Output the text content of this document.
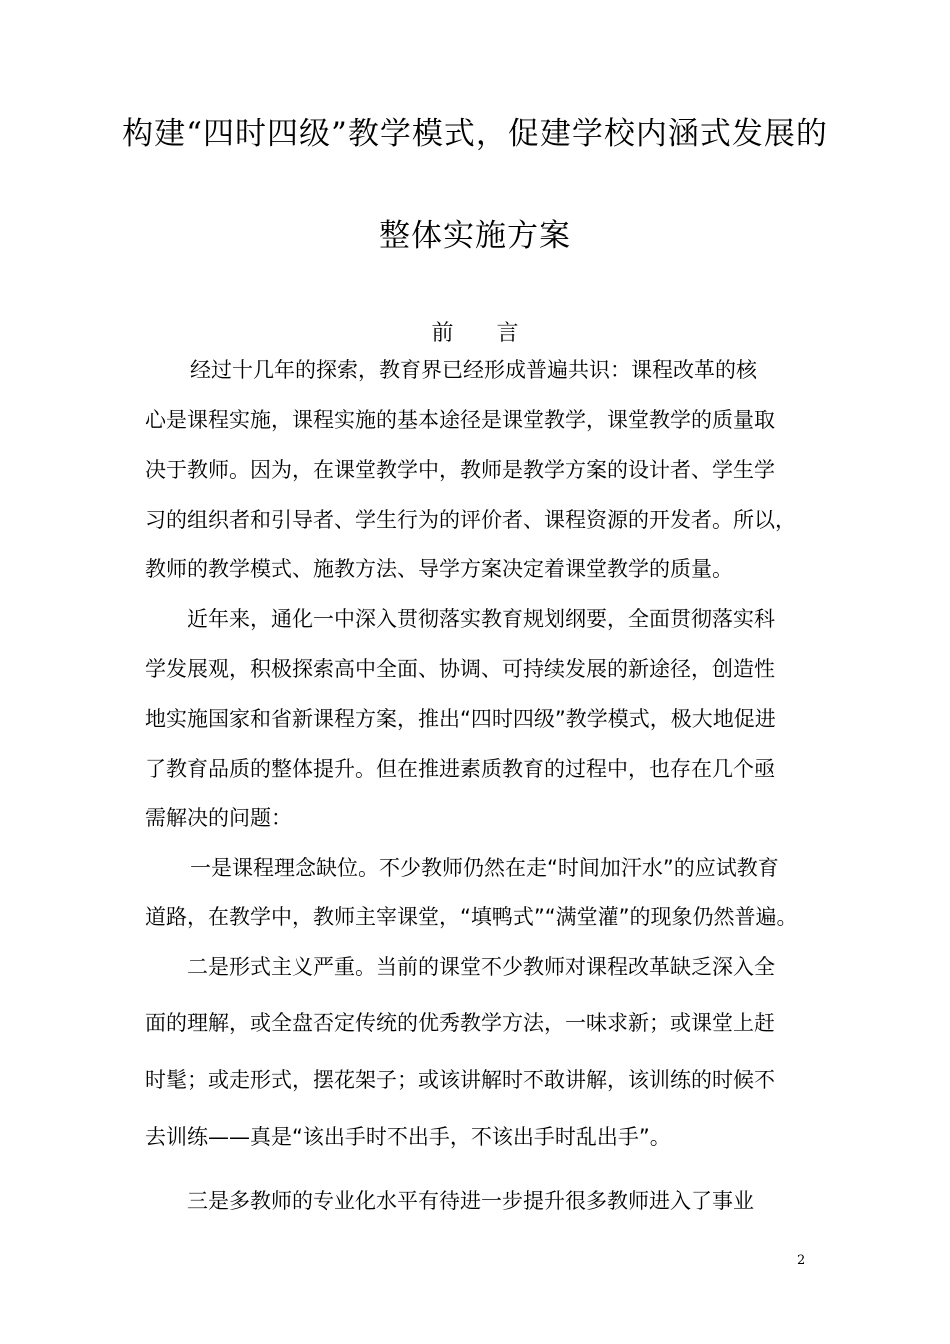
构建“四时四级”教学模式，促建学校内涵式发展的
整体实施方案
前 言
经过十几年的探索，教育界已经形成普遍共识：课程改革的核
心是课程实施，课程实施的基本途径是课堂教学，课堂教学的质量取
决于教师。因为，在课堂教学中，教师是教学方案的设计者、学生学
习的组织者和引导者、学生行为的评价者、课程资源的开发者。所以，
教师的教学模式、施教方法、导学方案决定着课堂教学的质量。
近年来，通化一中深入贯彻落实教育规划纲要，全面贯彻落实科
学发展观，积极探索高中全面、协调、可持续发展的新途径，创造性
地实施国家和省新课程方案，推出“四时四级”教学模式，极大地促进
了教育品质的整体提升。但在推进素质教育的过程中，也存在几个亟
需解决的问题：
一是课程理念缺位。不少教师仍然在走“时间加汗水”的应试教育
道路，在教学中，教师主宰课堂，“填鸭式”“满堂灌”的现象仍然普遍。
二是形式主义严重。当前的课堂不少教师对课程改革缺乏深入全
面的理解，或全盘否定传统的优秀教学方法，一味求新；或课堂上赶
时髦；或走形式，摆花架子；或该讲解时不敢讲解，该训练的时候不
去训练——真是“该出手时不出手，不该出手时乱出手”。
三是多教师的专业化水平有待进一步提升很多教师进入了事业
2
